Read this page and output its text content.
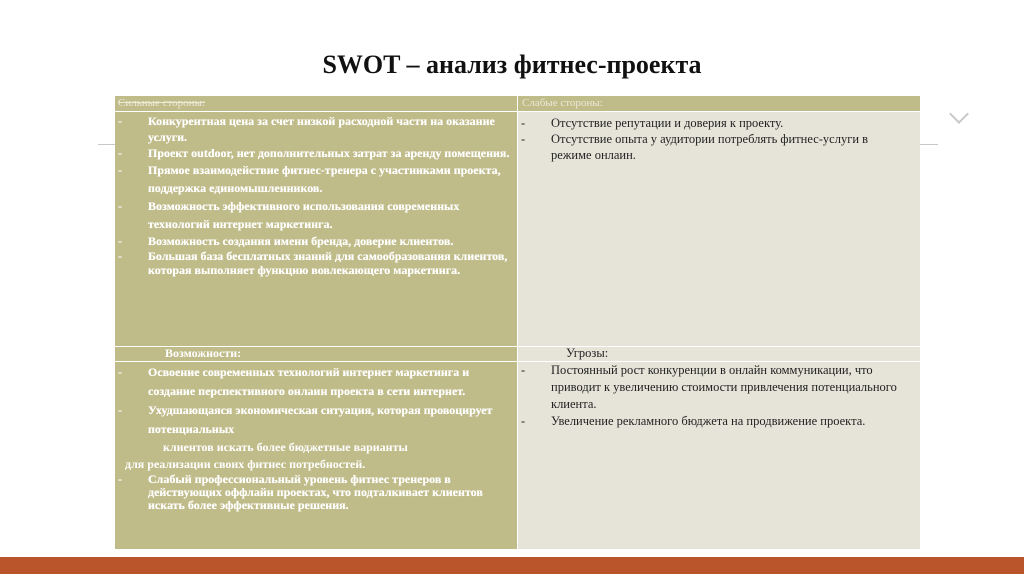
SWOT – анализ фитнес-проекта
Сильные стороны:	Слабые стороны:
- Конкурентная цена за счет низкой расходной части на оказание услуги.
- Проект outdoor, нет дополнительных затрат за аренду помещения.
- Прямое взаимодействие фитнес-тренера с участниками проекта, поддержка единомышленников.
- Возможность эффективного использования современных технологий интернет маркетинга.
- Возможность создания имени бренда, доверие клиентов.
- Большая база бесплатных знаний для самообразования клиентов, которая выполняет функцию вовлекающего маркетинга.
- Отсутствие репутации и доверия к проекту.
- Отсутствие опыта у аудитории потреблять фитнес-услуги в режиме онлаин.
Возможности:	Угрозы:
- Освоение современных технологий интернет маркетинга и создание перспективного онлаин проекта в сети интернет.
- Ухудшающаяся экономическая ситуация, которая провоцирует потенциальных
клиентов искать более бюджетные варианты
для реализации своих фитнес потребностей.
- Слабый профессиональный уровень фитнес тренеров в действующих оффлайн проектах, что подталкивает клиентов искать более эффективные решения.
- Постоянный рост конкуренции в онлайн коммуникации, что приводит к увеличению стоимости привлечения потенциального клиента.
- Увеличение рекламного бюджета на продвижение проекта.
